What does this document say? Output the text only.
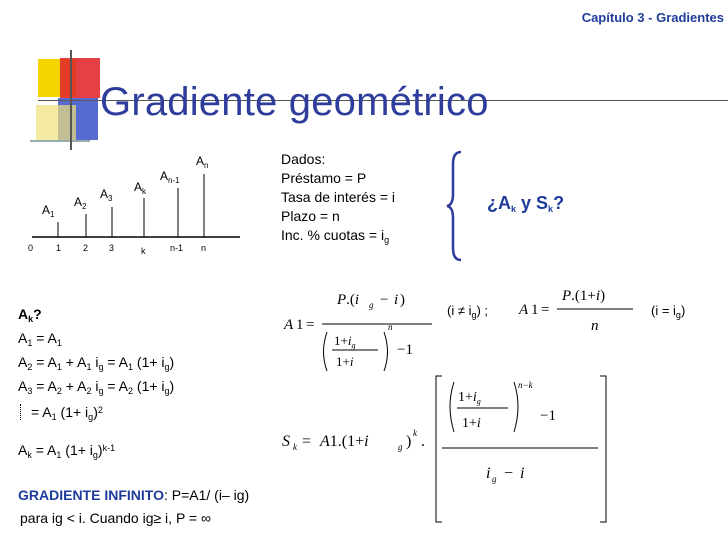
Capítulo 3 - Gradientes
Gradiente geométrico
$A_1$
$A_2$
$A_3$
$A_k$
$A_{n-1}$
$A_n$
0	1 2 3	k	n-1 n
Dados:
Préstamo = P
Tasa de interés = i
Plazo = n
Inc. % cuotas = $i_g$
¿$A_k$ y $S_k$?
A 1 =
P.(i g − i )
$1+i_g$
1+i
n
−1
$(i \ne i_g)$ ; A 1 =
P.(1+i)
n
$(i = i_g)$
S k = A1.(1+i	g ) k .
$1+i_g$
1+i
n−k
−1
i g − i
$A_k$?
$A_1 = A_1$
$A_2 = A_1 + A_1$ $i_g = A_1$ $(1+ i_g)$
$A_3 = A_2 + A_2$ $i_g = A_2$ $(1+ i_g)$
= $A_1$ $(1+ i_g)^2$
$A_k = A_1$ $(1+ i_g)^{k-1}$
GRADIENTE INFINITO: P=A1/ (i– ig)
para ig < i. Cuando ig≥ i, P = ∞
